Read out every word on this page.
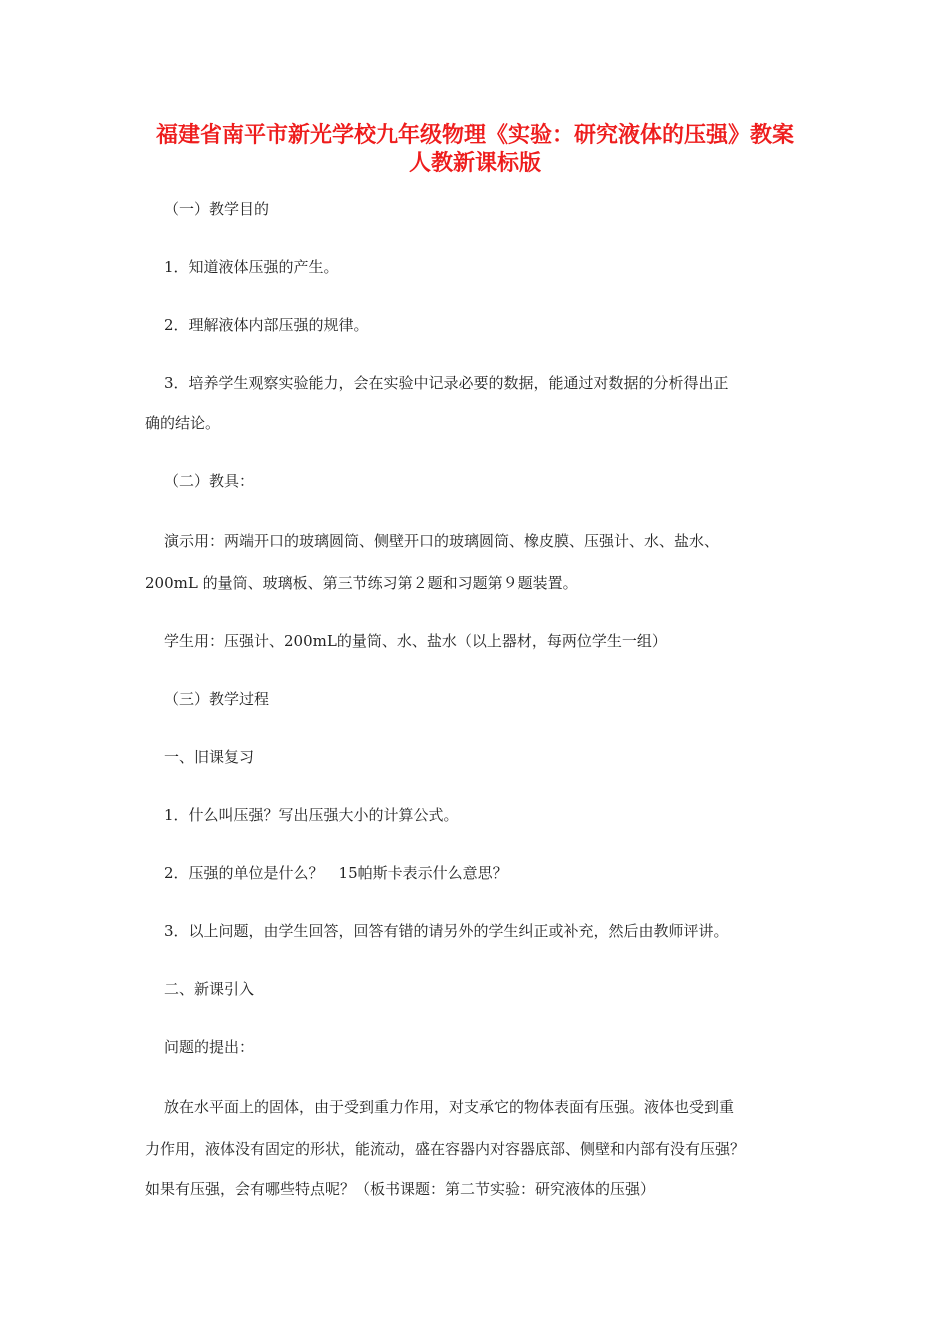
福建省南平市新光学校九年级物理《实验：研究液体的压强》教案
人教新课标版
（一）教学目的
1．知道液体压强的产生。
2．理解液体内部压强的规律。
3．培养学生观察实验能力，会在实验中记录必要的数据，能通过对数据的分析得出正
确的结论。
（二）教具：
演示用：两端开口的玻璃圆筒、侧壁开口的玻璃圆筒、橡皮膜、压强计、水、盐水、
200mL 的量筒、玻璃板、第三节练习第２题和习题第９题装置。
学生用：压强计、200mL的量筒、水、盐水（以上器材，每两位学生一组）
（三）教学过程
一、旧课复习
1．什么叫压强？写出压强大小的计算公式。
2．压强的单位是什么？　15帕斯卡表示什么意思？
3．以上问题，由学生回答，回答有错的请另外的学生纠正或补充，然后由教师评讲。
二、新课引入
问题的提出：
放在水平面上的固体，由于受到重力作用，对支承它的物体表面有压强。液体也受到重
力作用，液体没有固定的形状，能流动，盛在容器内对容器底部、侧壁和内部有没有压强？
如果有压强，会有哪些特点呢？（板书课题：第二节实验：研究液体的压强）
